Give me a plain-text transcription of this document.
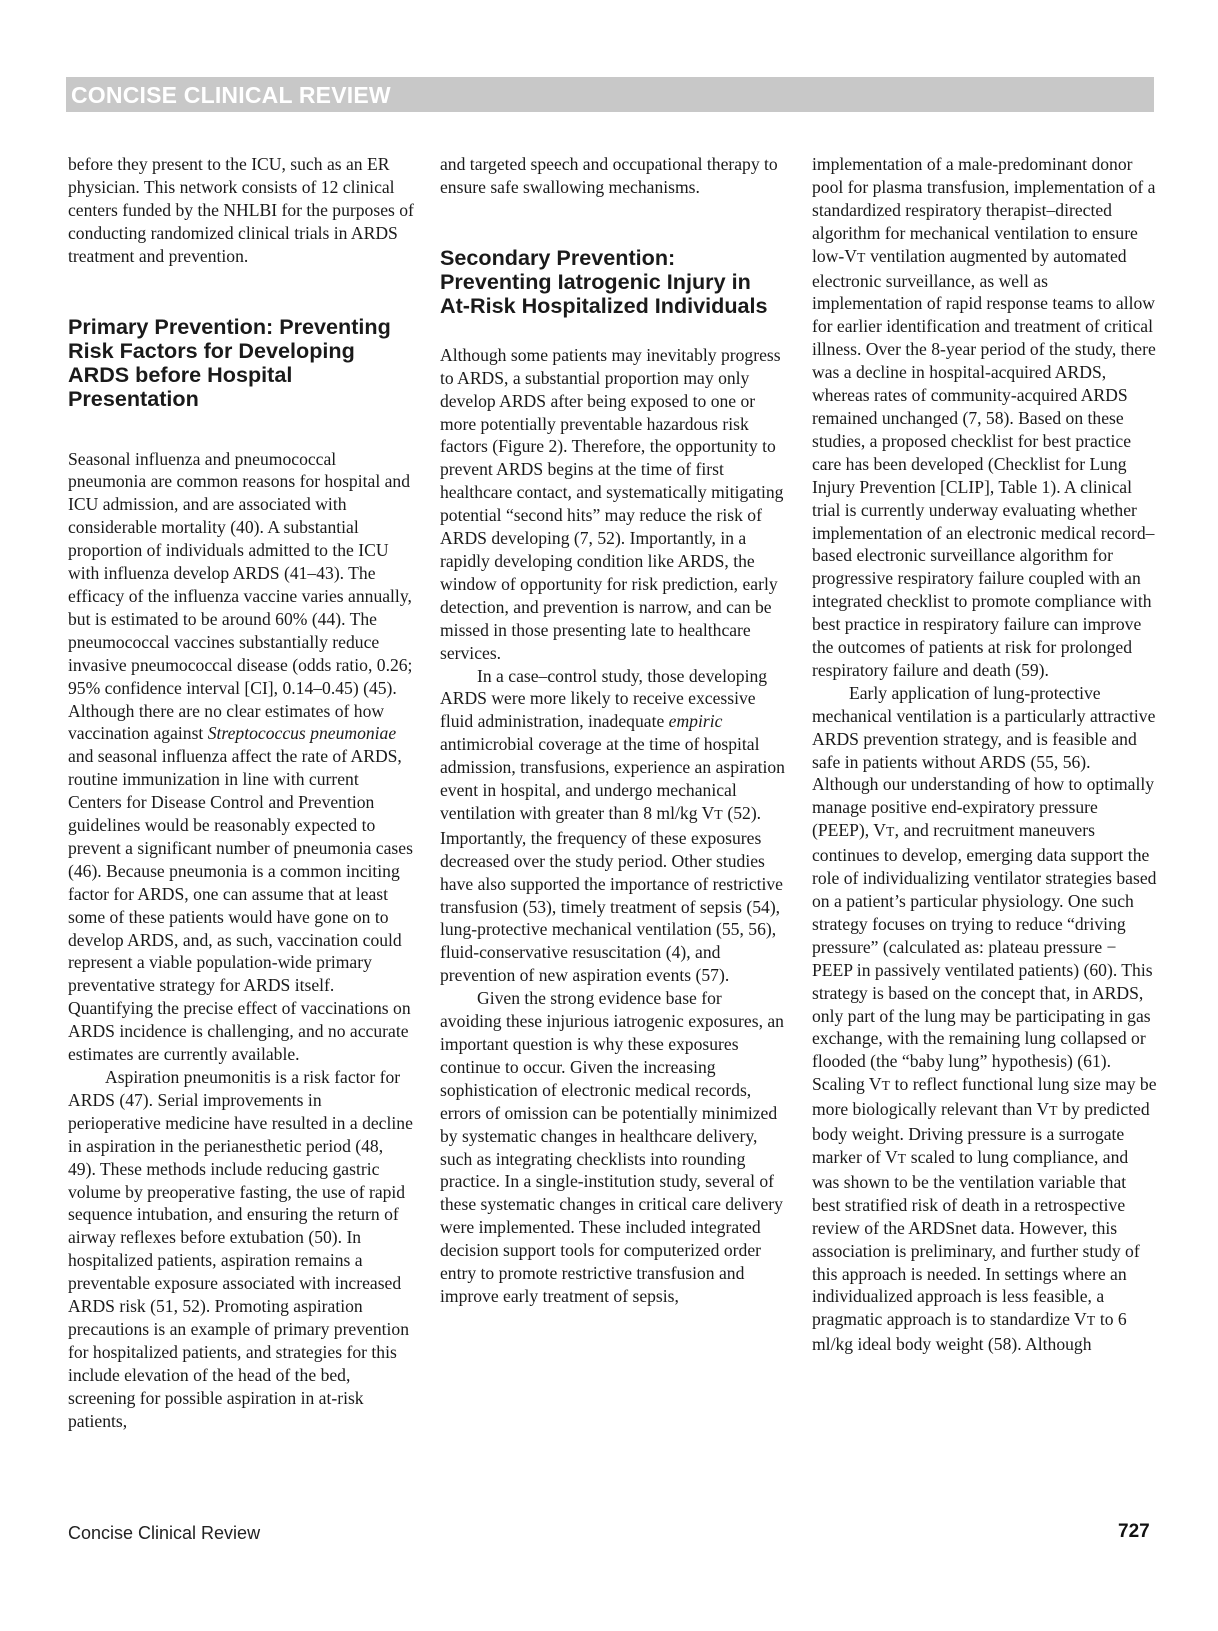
CONCISE CLINICAL REVIEW

before they present to the ICU, such as an ER physician. This network consists of 12 clinical centers funded by the NHLBI for the purposes of conducting randomized clinical trials in ARDS treatment and prevention.

Primary Prevention: Preventing Risk Factors for Developing ARDS before Hospital Presentation

Seasonal influenza and pneumococcal pneumonia are common reasons for hospital and ICU admission, and are associated with considerable mortality (40). A substantial proportion of individuals admitted to the ICU with influenza develop ARDS (41–43). The efficacy of the influenza vaccine varies annually, but is estimated to be around 60% (44). The pneumococcal vaccines substantially reduce invasive pneumococcal disease (odds ratio, 0.26; 95% confidence interval [CI], 0.14–0.45) (45). Although there are no clear estimates of how vaccination against Streptococcus pneumoniae and seasonal influenza affect the rate of ARDS, routine immunization in line with current Centers for Disease Control and Prevention guidelines would be reasonably expected to prevent a significant number of pneumonia cases (46). Because pneumonia is a common inciting factor for ARDS, one can assume that at least some of these patients would have gone on to develop ARDS, and, as such, vaccination could represent a viable population-wide primary preventative strategy for ARDS itself. Quantifying the precise effect of vaccinations on ARDS incidence is challenging, and no accurate estimates are currently available.

Aspiration pneumonitis is a risk factor for ARDS (47). Serial improvements in perioperative medicine have resulted in a decline in aspiration in the perianesthetic period (48, 49). These methods include reducing gastric volume by preoperative fasting, the use of rapid sequence intubation, and ensuring the return of airway reflexes before extubation (50). In hospitalized patients, aspiration remains a preventable exposure associated with increased ARDS risk (51, 52). Promoting aspiration precautions is an example of primary prevention for hospitalized patients, and strategies for this include elevation of the head of the bed, screening for possible aspiration in at-risk patients,

and targeted speech and occupational therapy to ensure safe swallowing mechanisms.

Secondary Prevention: Preventing Iatrogenic Injury in At-Risk Hospitalized Individuals

Although some patients may inevitably progress to ARDS, a substantial proportion may only develop ARDS after being exposed to one or more potentially preventable hazardous risk factors (Figure 2). Therefore, the opportunity to prevent ARDS begins at the time of first healthcare contact, and systematically mitigating potential “second hits” may reduce the risk of ARDS developing (7, 52). Importantly, in a rapidly developing condition like ARDS, the window of opportunity for risk prediction, early detection, and prevention is narrow, and can be missed in those presenting late to healthcare services.

In a case–control study, those developing ARDS were more likely to receive excessive fluid administration, inadequate empiric antimicrobial coverage at the time of hospital admission, transfusions, experience an aspiration event in hospital, and undergo mechanical ventilation with greater than 8 ml/kg VT (52). Importantly, the frequency of these exposures decreased over the study period. Other studies have also supported the importance of restrictive transfusion (53), timely treatment of sepsis (54), lung-protective mechanical ventilation (55, 56), fluid-conservative resuscitation (4), and prevention of new aspiration events (57).

Given the strong evidence base for avoiding these injurious iatrogenic exposures, an important question is why these exposures continue to occur. Given the increasing sophistication of electronic medical records, errors of omission can be potentially minimized by systematic changes in healthcare delivery, such as integrating checklists into rounding practice. In a single-institution study, several of these systematic changes in critical care delivery were implemented. These included integrated decision support tools for computerized order entry to promote restrictive transfusion and improve early treatment of sepsis,

implementation of a male-predominant donor pool for plasma transfusion, implementation of a standardized respiratory therapist–directed algorithm for mechanical ventilation to ensure low-VT ventilation augmented by automated electronic surveillance, as well as implementation of rapid response teams to allow for earlier identification and treatment of critical illness. Over the 8-year period of the study, there was a decline in hospital-acquired ARDS, whereas rates of community-acquired ARDS remained unchanged (7, 58). Based on these studies, a proposed checklist for best practice care has been developed (Checklist for Lung Injury Prevention [CLIP], Table 1). A clinical trial is currently underway evaluating whether implementation of an electronic medical record–based electronic surveillance algorithm for progressive respiratory failure coupled with an integrated checklist to promote compliance with best practice in respiratory failure can improve the outcomes of patients at risk for prolonged respiratory failure and death (59).

Early application of lung-protective mechanical ventilation is a particularly attractive ARDS prevention strategy, and is feasible and safe in patients without ARDS (55, 56). Although our understanding of how to optimally manage positive end-expiratory pressure (PEEP), VT, and recruitment maneuvers continues to develop, emerging data support the role of individualizing ventilator strategies based on a patient’s particular physiology. One such strategy focuses on trying to reduce “driving pressure” (calculated as: plateau pressure − PEEP in passively ventilated patients) (60). This strategy is based on the concept that, in ARDS, only part of the lung may be participating in gas exchange, with the remaining lung collapsed or flooded (the “baby lung” hypothesis) (61). Scaling VT to reflect functional lung size may be more biologically relevant than VT by predicted body weight. Driving pressure is a surrogate marker of VT scaled to lung compliance, and was shown to be the ventilation variable that best stratified risk of death in a retrospective review of the ARDSnet data. However, this association is preliminary, and further study of this approach is needed. In settings where an individualized approach is less feasible, a pragmatic approach is to standardize VT to 6 ml/kg ideal body weight (58). Although

Concise Clinical Review	727
